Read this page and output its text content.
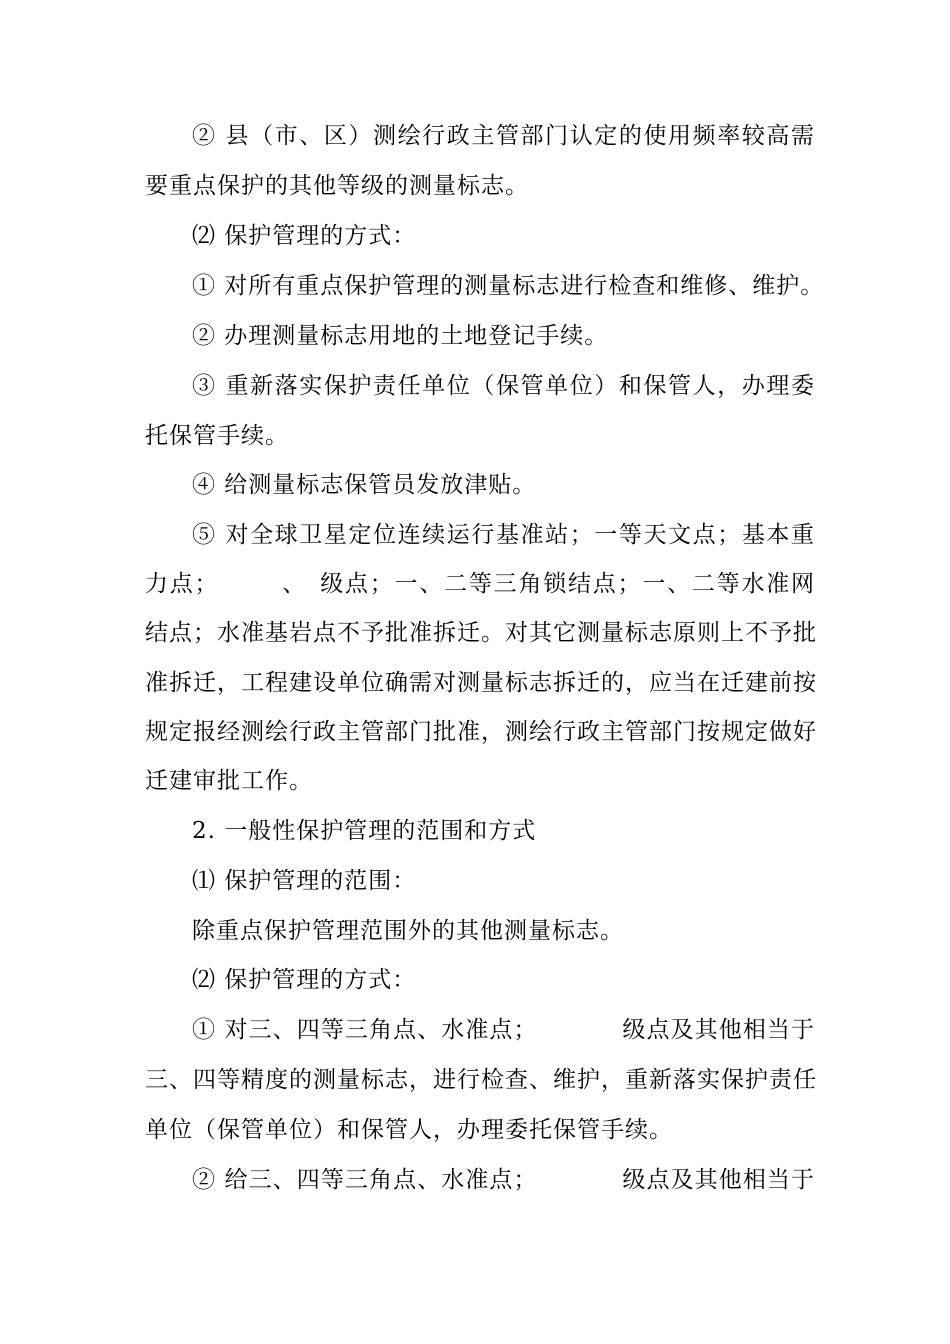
② 县（市、区）测绘行政主管部门认定的使用频率较高需
要重点保护的其他等级的测量标志。
⑵ 保护管理的方式：
① 对所有重点保护管理的测量标志进行检查和维修、维护。
② 办理测量标志用地的土地登记手续。
③ 重新落实保护责任单位（保管单位）和保管人，办理委
托保管手续。
④ 给测量标志保管员发放津贴。
⑤ 对全球卫星定位连续运行基准站；一等天文点；基本重
力点；　　　、　级点；一、二等三角锁结点；一、二等水准网
结点；水准基岩点不予批准拆迁。对其它测量标志原则上不予批
准拆迁，工程建设单位确需对测量标志拆迁的，应当在迁建前按
规定报经测绘行政主管部门批准，测绘行政主管部门按规定做好
迁建审批工作。
2. 一般性保护管理的范围和方式
⑴ 保护管理的范围：
除重点保护管理范围外的其他测量标志。
⑵ 保护管理的方式：
① 对三、四等三角点、水准点；　　　　级点及其他相当于
三、四等精度的测量标志，进行检查、维护，重新落实保护责任
单位（保管单位）和保管人，办理委托保管手续。
② 给三、四等三角点、水准点；　　　　级点及其他相当于
